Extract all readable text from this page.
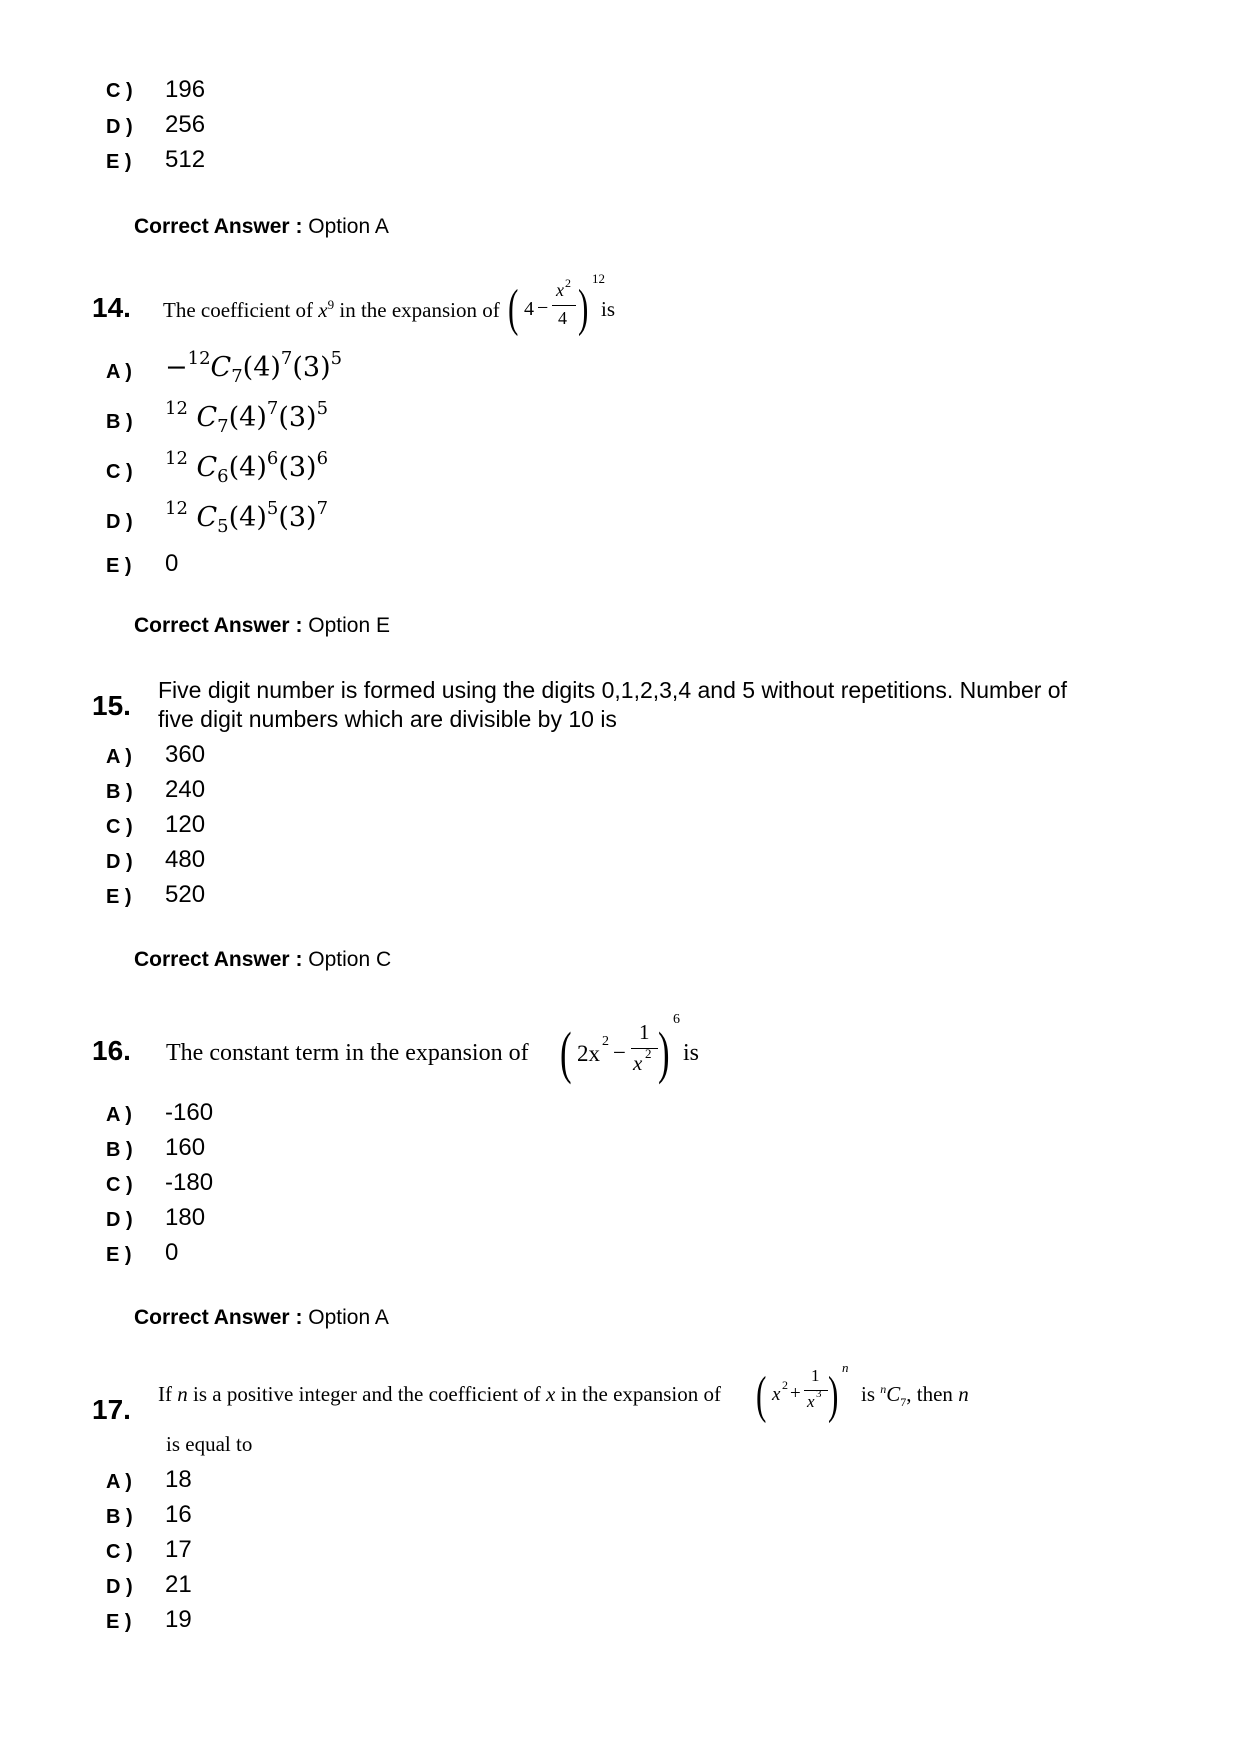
C ) 196
D ) 256
E ) 512
Correct Answer : Option A
14. The coefficient of $x^9$ in the expansion of ( 4 −
x 2
4 )
12
is
A ) $-^{12}C_7(4)^7(3)^5$
B )
$^{12}$ $C_7(4)^7(3)^5$
C )
$^{12}$ $C_6(4)^6(3)^6$
D )
$^{12}$ $C_5(4)^5(3)^7$
E ) 0
Correct Answer : Option E
15. Five digit number is formed using the digits 0,1,2,3,4 and 5 without repetitions. Number of
five digit numbers which are divisible by 10 is
A ) 360
B ) 240
C ) 120
D ) 480
E ) 520
Correct Answer : Option C
16. The constant term in the expansion of ( 2x 2 −
1
x 2 )
6
is
A ) -160
B ) 160
C ) -180
D ) 180
E ) 0
Correct Answer : Option A
17. If n is a positive integer and the coefficient of x in the expansion of ( x 2 +
1
x 3 ) n
is $^nC_7$, then n
is equal to
A ) 18
B ) 16
C ) 17
D ) 21
E ) 19
